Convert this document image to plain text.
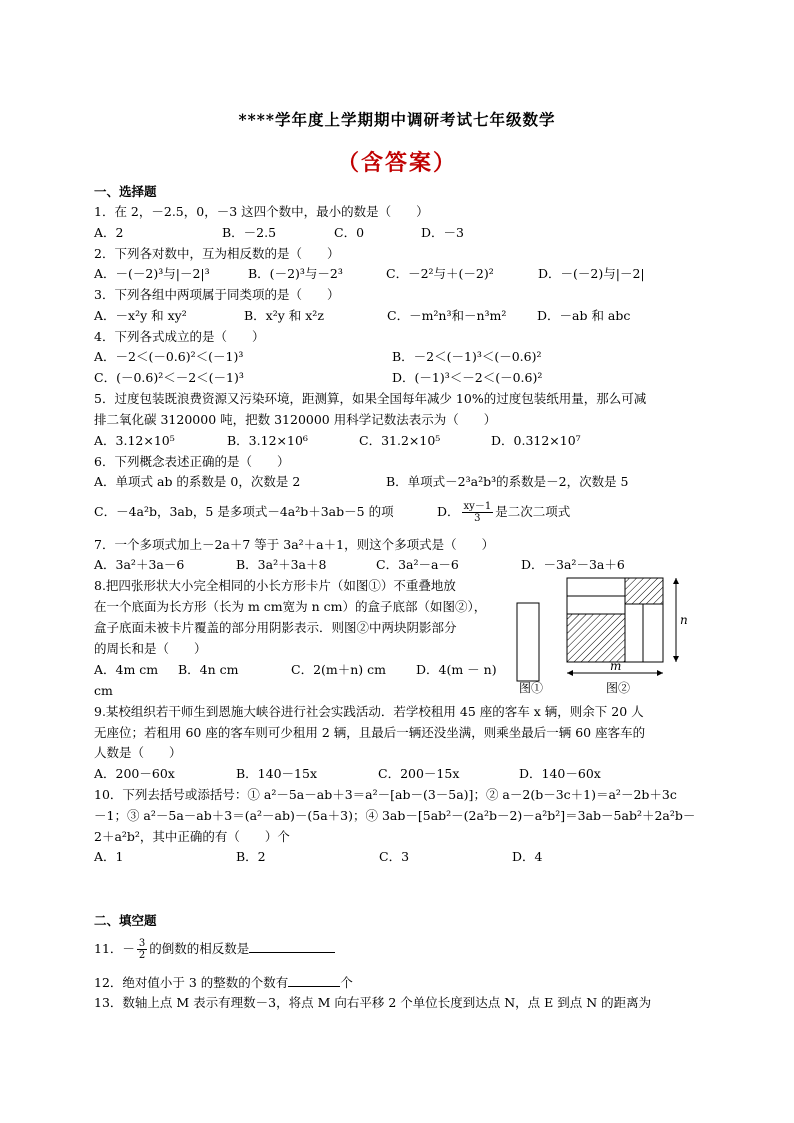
****学年度上学期期中调研考试七年级数学
（含答案）
一、选择题
1．在 2，－2.5，0，－3 这四个数中，最小的数是（　　）
A．2	B．－2.5	C．0	D．－3
2．下列各对数中，互为相反数的是（　　）
A．－(－2)³与|－2|³	B．(－2)³与－2³	C．－2²与＋(－2)²	D．－(－2)与|－2|
3．下列各组中两项属于同类项的是（　　）
A．－x²y 和 xy²	B．x²y 和 x²z	C．－m²n³和－n³m² D．－ab 和 abc
4．下列各式成立的是（　　）
A．－2＜(－0.6)²＜(－1)³	B．－2＜(－1)³＜(－0.6)²
C．(－0.6)²＜－2＜(－1)³	D．(－1)³＜－2＜(－0.6)²
5．过度包装既浪费资源又污染环境，距测算，如果全国每年减少 10%的过度包装纸用量，那么可减
排二氧化碳 3120000 吨，把数 3120000 用科学记数法表示为（　　）
A．3.12×10⁵	B．3.12×10⁶	C．31.2×10⁵	D．0.312×10⁷
6．下列概念表述正确的是（　　）
A．单项式 ab 的系数是 0，次数是 2	B．单项式－2³a²b³的系数是－2，次数是 5
C．－4a²b，3ab，5 是多项式－4a²b＋3ab－5 的项	D． $\frac{xy-1}{3}$ 是二次二项式
7．一个多项式加上－2a＋7 等于 3a²＋a＋1，则这个多项式是（　　）
A．3a²＋3a－6	B．3a²＋3a＋8	C．3a²－a－6	D．－3a²－3a＋6
8.把四张形状大小完全相同的小长方形卡片（如图①）不重叠地放
在一个底面为长方形（长为 m cm宽为 n cm）的盒子底部（如图②），
盒子底面未被卡片覆盖的部分用阴影表示．则图②中两块阴影部分
的周长和是（　　）
A．4m cm B．4n cm	C．2(m＋n) cm D．4(m － n)
cm
n
m
图①	图②
9.某校组织若干师生到恩施大峡谷进行社会实践活动．若学校租用 45 座的客车 x 辆，则余下 20 人
无座位；若租用 60 座的客车则可少租用 2 辆，且最后一辆还没坐满，则乘坐最后一辆 60 座客车的
人数是（　　）
A．200－60x	B．140－15x	C．200－15x	D．140－60x
10．下列去括号或添括号：① a²－5a－ab＋3＝a²－[ab－(3－5a)]；② a－2(b－3c＋1)＝a²－2b＋3c
－1；③ a²－5a－ab＋3＝(a²－ab)－(5a＋3)；④ 3ab－[5ab²－(2a²b－2)－a²b²]＝3ab－5ab²＋2a²b－
2＋a²b²，其中正确的有（　　）个
A．1	B．2	C．3	D．4
二、填空题
11．－ $\frac{3}{2}$ 的倒数的相反数是
12．绝对值小于 3 的整数的个数有	个
13．数轴上点 M 表示有理数－3，将点 M 向右平移 2 个单位长度到达点 N，点 E 到点 N 的距离为
